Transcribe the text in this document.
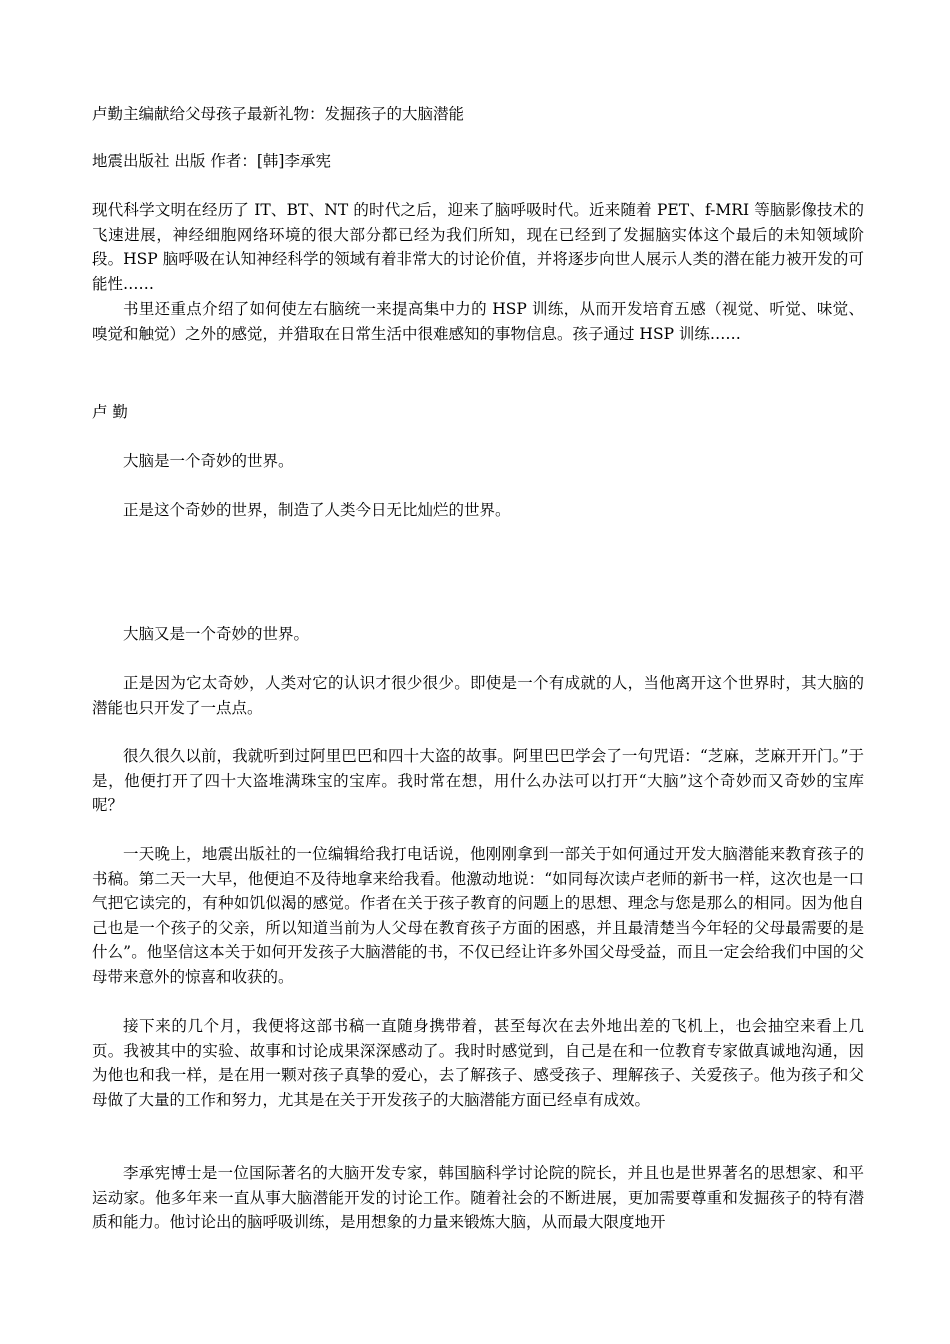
卢勤主编献给父母孩子最新礼物：发掘孩子的大脑潜能
地震出版社 出版 作者：[韩]李承宪
现代科学文明在经历了 IT、BT、NT 的时代之后，迎来了脑呼吸时代。近来随着 PET、f-MRI 等脑影像技术的飞速进展，神经细胞网络环境的很大部分都已经为我们所知，现在已经到了发掘脑实体这个最后的未知领域阶段。HSP 脑呼吸在认知神经科学的领域有着非常大的讨论价值，并将逐步向世人展示人类的潜在能力被开发的可能性……
书里还重点介绍了如何使左右脑统一来提高集中力的 HSP 训练，从而开发培育五感（视觉、听觉、味觉、嗅觉和触觉）之外的感觉，并猎取在日常生活中很难感知的事物信息。孩子通过 HSP 训练……
卢 勤
大脑是一个奇妙的世界。
正是这个奇妙的世界，制造了人类今日无比灿烂的世界。
大脑又是一个奇妙的世界。
正是因为它太奇妙，人类对它的认识才很少很少。即使是一个有成就的人，当他离开这个世界时，其大脑的潜能也只开发了一点点。
很久很久以前，我就听到过阿里巴巴和四十大盗的故事。阿里巴巴学会了一句咒语：“芝麻，芝麻开开门。”于是，他便打开了四十大盗堆满珠宝的宝库。我时常在想，用什么办法可以打开“大脑”这个奇妙而又奇妙的宝库呢？
一天晚上，地震出版社的一位编辑给我打电话说，他刚刚拿到一部关于如何通过开发大脑潜能来教育孩子的书稿。第二天一大早，他便迫不及待地拿来给我看。他激动地说：“如同每次读卢老师的新书一样，这次也是一口气把它读完的，有种如饥似渴的感觉。作者在关于孩子教育的问题上的思想、理念与您是那么的相同。因为他自己也是一个孩子的父亲，所以知道当前为人父母在教育孩子方面的困惑，并且最清楚当今年轻的父母最需要的是什么”。他坚信这本关于如何开发孩子大脑潜能的书，不仅已经让许多外国父母受益，而且一定会给我们中国的父母带来意外的惊喜和收获的。
接下来的几个月，我便将这部书稿一直随身携带着，甚至每次在去外地出差的飞机上，也会抽空来看上几页。我被其中的实验、故事和讨论成果深深感动了。我时时感觉到，自己是在和一位教育专家做真诚地沟通，因为他也和我一样，是在用一颗对孩子真挚的爱心，去了解孩子、感受孩子、理解孩子、关爱孩子。他为孩子和父母做了大量的工作和努力，尤其是在关于开发孩子的大脑潜能方面已经卓有成效。
李承宪博士是一位国际著名的大脑开发专家，韩国脑科学讨论院的院长，并且也是世界著名的思想家、和平运动家。他多年来一直从事大脑潜能开发的讨论工作。随着社会的不断进展，更加需要尊重和发掘孩子的特有潜质和能力。他讨论出的脑呼吸训练，是用想象的力量来锻炼大脑，从而最大限度地开
